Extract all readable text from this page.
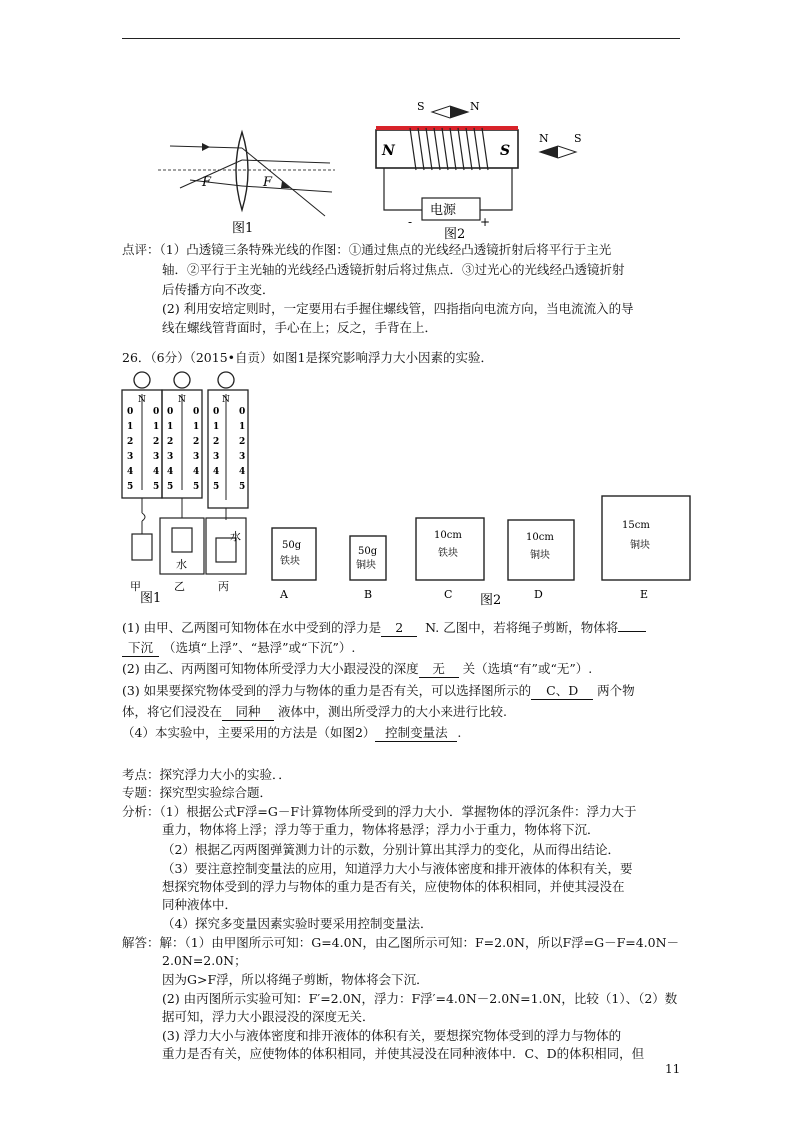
F	F
图1
S	N
N	S
电源
-	+
N S
图2
点评：（1）凸透镜三条特殊光线的作图：①通过焦点的光线经凸透镜折射后将平行于主光
轴．②平行于主光轴的光线经凸透镜折射后将过焦点．③过光心的光线经凸透镜折射
后传播方向不改变．
(2) 利用安培定则时，一定要用右手握住螺线管，四指指向电流方向，当电流流入的导
线在螺线管背面时，手心在上；反之，手背在上．
26．（6分）（2015•自贡）如图1是探究影响浮力大小因素的实验．
N	N
水
N
水
甲	乙	丙
图1
50g
铁块
A
50g
铜块
B
10cm
铁块
C 图2
10cm
铜块
D
15cm
铜块
E
0 0
1 1
2 2
3 3
4 4
5 5
0 0
1 1
2 2
3 3
4 4
5 5
0 0
1 1
2 2
3 3
4 4
5 5
(1) 由甲、乙两图可知物体在水中受到的浮力是 2 N. 乙图中，若将绳子剪断，物体将
下沉 （选填“上浮”、“悬浮”或“下沉”）.
(2) 由乙、丙两图可知物体所受浮力大小跟浸没的深度 无 关（选填“有”或“无”）.
(3) 如果要探究物体受到的浮力与物体的重力是否有关，可以选择图所示的 C、D 两个物
体，将它们浸没在 同种 液体中，测出所受浮力的大小来进行比较.
（4）本实验中，主要采用的方法是（如图2） 控制变量法 .
考点：探究浮力大小的实验．．
专题：探究型实验综合题．
分析：（1）根据公式F浮=G－F计算物体所受到的浮力大小．掌握物体的浮沉条件：浮力大于
重力，物体将上浮；浮力等于重力，物体将悬浮；浮力小于重力，物体将下沉．
（2）根据乙丙两图弹簧测力计的示数，分别计算出其浮力的变化，从而得出结论．
（3）要注意控制变量法的应用，知道浮力大小与液体密度和排开液体的体积有关，要
想探究物体受到的浮力与物体的重力是否有关，应使物体的体积相同，并使其浸没在
同种液体中．
（4）探究多变量因素实验时要采用控制变量法．
解答：解：（1）由甲图所示可知：G=4.0N，由乙图所示可知：F=2.0N，所以F浮=G－F=4.0N－
2.0N=2.0N；
因为G>F浮，所以将绳子剪断，物体将会下沉．
(2) 由丙图所示实验可知：F′=2.0N，浮力：F浮′=4.0N－2.0N=1.0N，比较（1）、（2）数
据可知，浮力大小跟浸没的深度无关．
(3) 浮力大小与液体密度和排开液体的体积有关，要想探究物体受到的浮力与物体的
重力是否有关，应使物体的体积相同，并使其浸没在同种液体中．C、D的体积相同，但
11
